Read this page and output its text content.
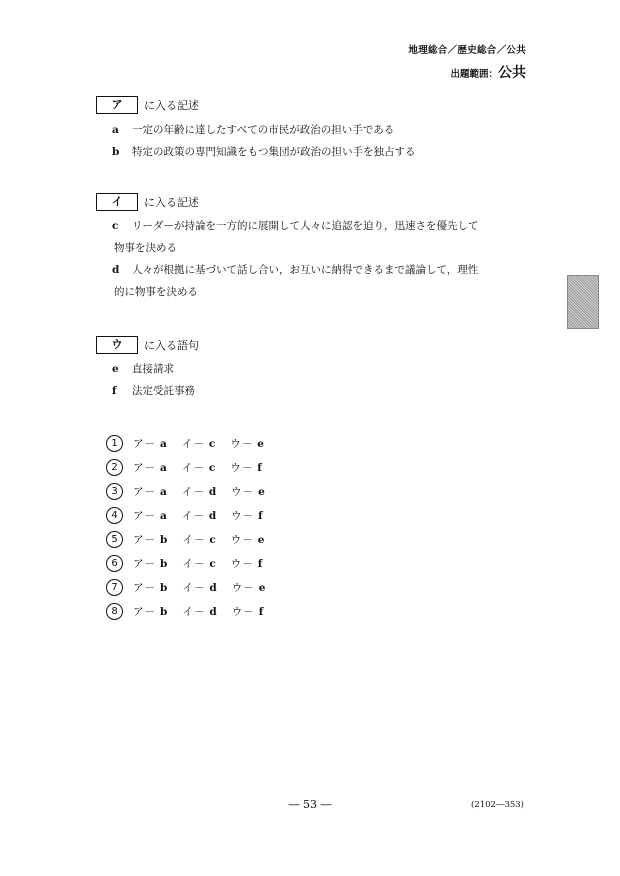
地理総合／歴史総合／公共
出題範囲：公共
ア	に入る記述
a	一定の年齢に達したすべての市民が政治の担い手である
b	特定の政策の専門知識をもつ集団が政治の担い手を独占する
イ	に入る記述
c	リーダーが持論を一方的に展開して人々に追認を迫り，迅速さを優先して
物事を決める
d	人々が根拠に基づいて話し合い，お互いに納得できるまで議論して，理性
的に物事を決める
ウ	に入る語句
e	直接請求
f	法定受託事務
1	ア－ a イ－ c ウ－ e
2	ア－ a イ－ c ウ－ f
3	ア－ a イ－ d ウ－ e
4	ア－ a イ－ d ウ－ f
5	ア－ b イ－ c ウ－ e
6	ア－ b イ－ c ウ－ f
7	ア－ b イ－ d ウ－ e
8	ア－ b イ－ d ウ－ f
― 53 ―	(2102―353)
